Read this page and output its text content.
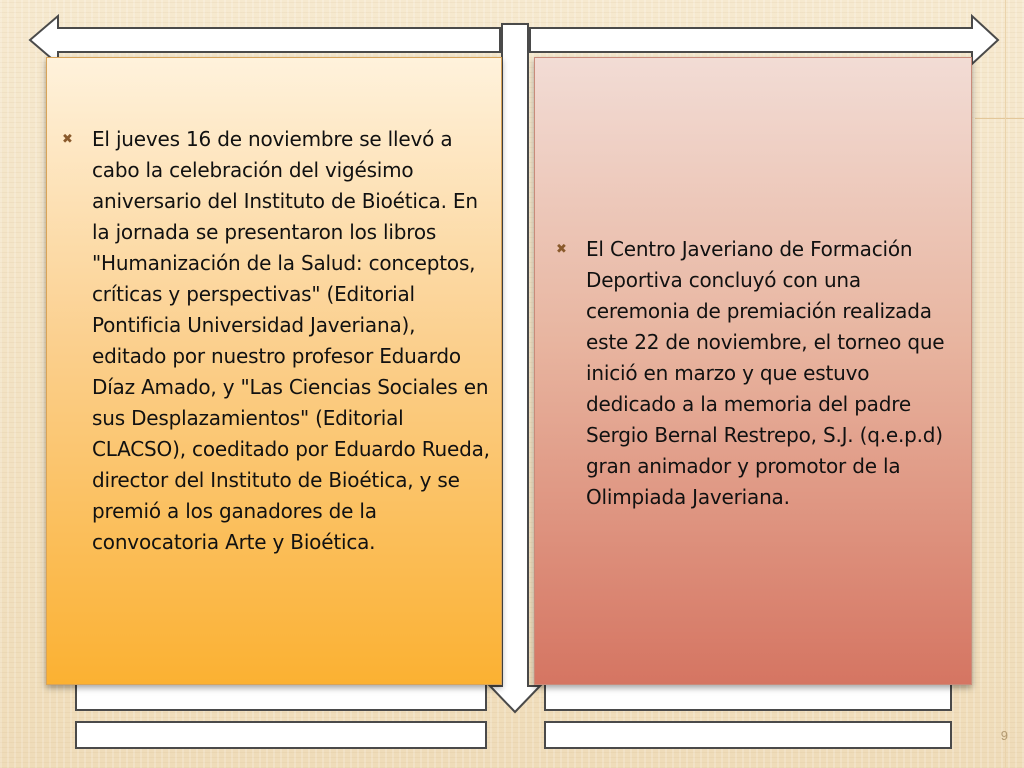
✖ El jueves 16 de noviembre se llevó a cabo la celebración del vigésimo aniversario del Instituto de Bioética. En la jornada se presentaron los libros "Humanización de la Salud: conceptos, críticas y perspectivas" (Editorial Pontificia Universidad Javeriana), editado por nuestro profesor Eduardo Díaz Amado, y "Las Ciencias Sociales en sus Desplazamientos" (Editorial CLACSO), coeditado por Eduardo Rueda, director del Instituto de Bioética, y se premió a los ganadores de la convocatoria Arte y Bioética.
✖ El Centro Javeriano de Formación Deportiva concluyó con una ceremonia de premiación realizada este 22 de noviembre, el torneo que inició en marzo y que estuvo dedicado a la memoria del padre Sergio Bernal Restrepo, S.J. (q.e.p.d) gran animador y promotor de la Olimpiada Javeriana.
9
